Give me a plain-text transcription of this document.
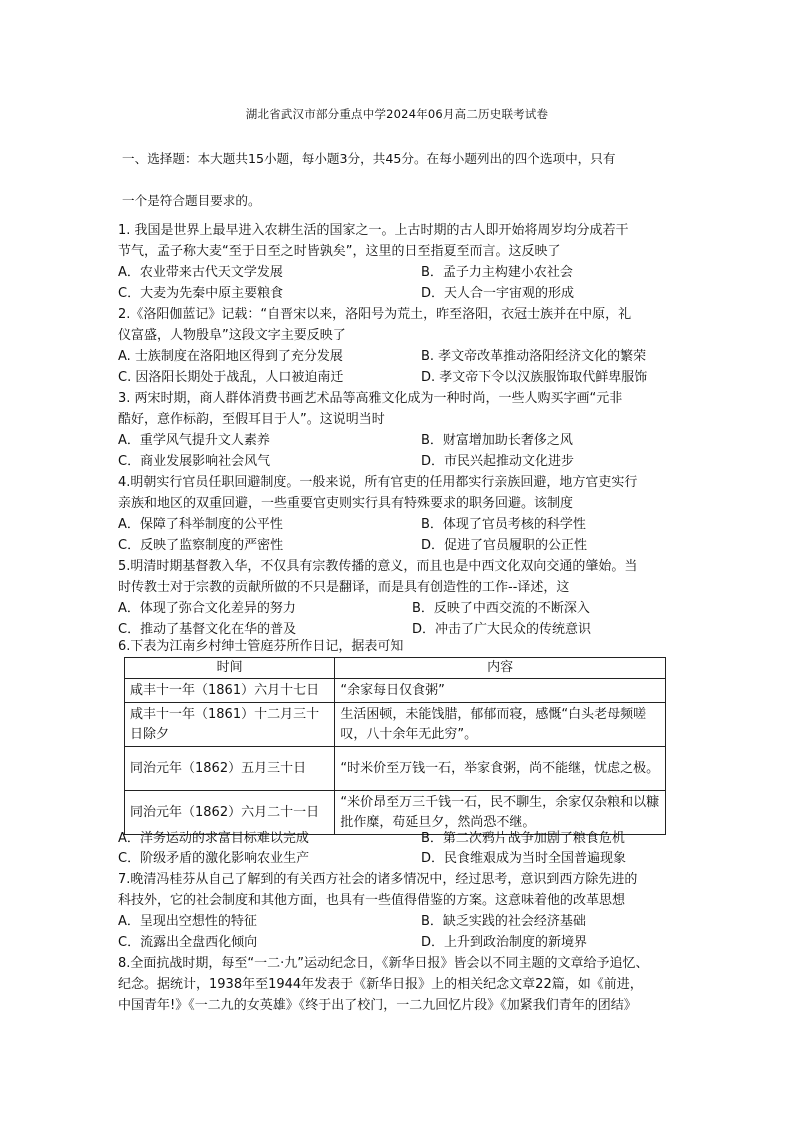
湖北省武汉市部分重点中学2024年06月高二历史联考试卷
一、选择题：本大题共15小题，每小题3分，共45分。在每小题列出的四个选项中，只有
一个是符合题目要求的。
1. 我国是世界上最早进入农耕生活的国家之一。上古时期的古人即开始将周岁均分成若干
节气，孟子称大麦“至于日至之时皆孰矣”，这里的日至指夏至而言。这反映了
A．农业带来古代天文学发展	B．孟子力主构建小农社会
C．大麦为先秦中原主要粮食	D．天人合一宇宙观的形成
2.《洛阳伽蓝记》记载：“自晋宋以来，洛阳号为荒土，昨至洛阳，衣冠士族并在中原，礼
仪富盛，人物殷阜”这段文字主要反映了
A. 士族制度在洛阳地区得到了充分发展	B. 孝文帝改革推动洛阳经济文化的繁荣
C. 因洛阳长期处于战乱，人口被迫南迁	D. 孝文帝下令以汉族服饰取代鲜卑服饰
3. 两宋时期，商人群体消费书画艺术品等高雅文化成为一种时尚，一些人购买字画“元非
酷好，意作标韵，至假耳目于人”。这说明当时
A．重学风气提升文人素养	B．财富增加助长奢侈之风
C．商业发展影响社会风气	D．市民兴起推动文化进步
4.明朝实行官员任职回避制度。一般来说，所有官吏的任用都实行亲族回避，地方官吏实行
亲族和地区的双重回避，一些重要官吏则实行具有特殊要求的职务回避。该制度
A．保障了科举制度的公平性	B．体现了官员考核的科学性
C．反映了监察制度的严密性	D．促进了官员履职的公正性
5.明清时期基督教入华，不仅具有宗教传播的意义，而且也是中西文化双向交通的肇始。当
时传教士对于宗教的贡献所做的不只是翻译，而是具有创造性的工作--译述，这
A．体现了弥合文化差异的努力	B．反映了中西交流的不断深入
C．推动了基督文化在华的普及	D．冲击了广大民众的传统意识
6.下表为江南乡村绅士管庭芬所作日记，据表可知
时间	内容
咸丰十一年（1861）六月十七日	“余家每日仅食粥”
咸丰十一年（1861）十二月三十日除夕	生活困顿，未能饯腊，郁郁而寝，感慨“白头老母频嗟叹，八十余年无此穷”。
同治元年（1862）五月三十日	“时米价至万钱一石，举家食粥，尚不能继，忧虑之极。
同治元年（1862）六月二十一日	“米价昂至万三千钱一石，民不聊生，余家仅杂粮和以糠批作糜，苟延旦夕，然尚恐不继。
A．洋务运动的求富目标难以完成	B．第二次鸦片战争加剧了粮食危机
C．阶级矛盾的激化影响农业生产	D．民食维艰成为当时全国普遍现象
7.晚清冯桂芬从自己了解到的有关西方社会的诸多情况中，经过思考，意识到西方除先进的
科技外，它的社会制度和其他方面，也具有一些值得借鉴的方案。这意味着他的改革思想
A．呈现出空想性的特征	B．缺乏实践的社会经济基础
C．流露出全盘西化倾向	D．上升到政治制度的新境界
8.全面抗战时期，每至“一二·九”运动纪念日，《新华日报》皆会以不同主题的文章给予追忆、
纪念。据统计，1938年至1944年发表于《新华日报》上的相关纪念文章22篇，如《前进，
中国青年!》《一二九的女英雄》《终于出了校门，一二九回忆片段》《加紧我们青年的团结》
